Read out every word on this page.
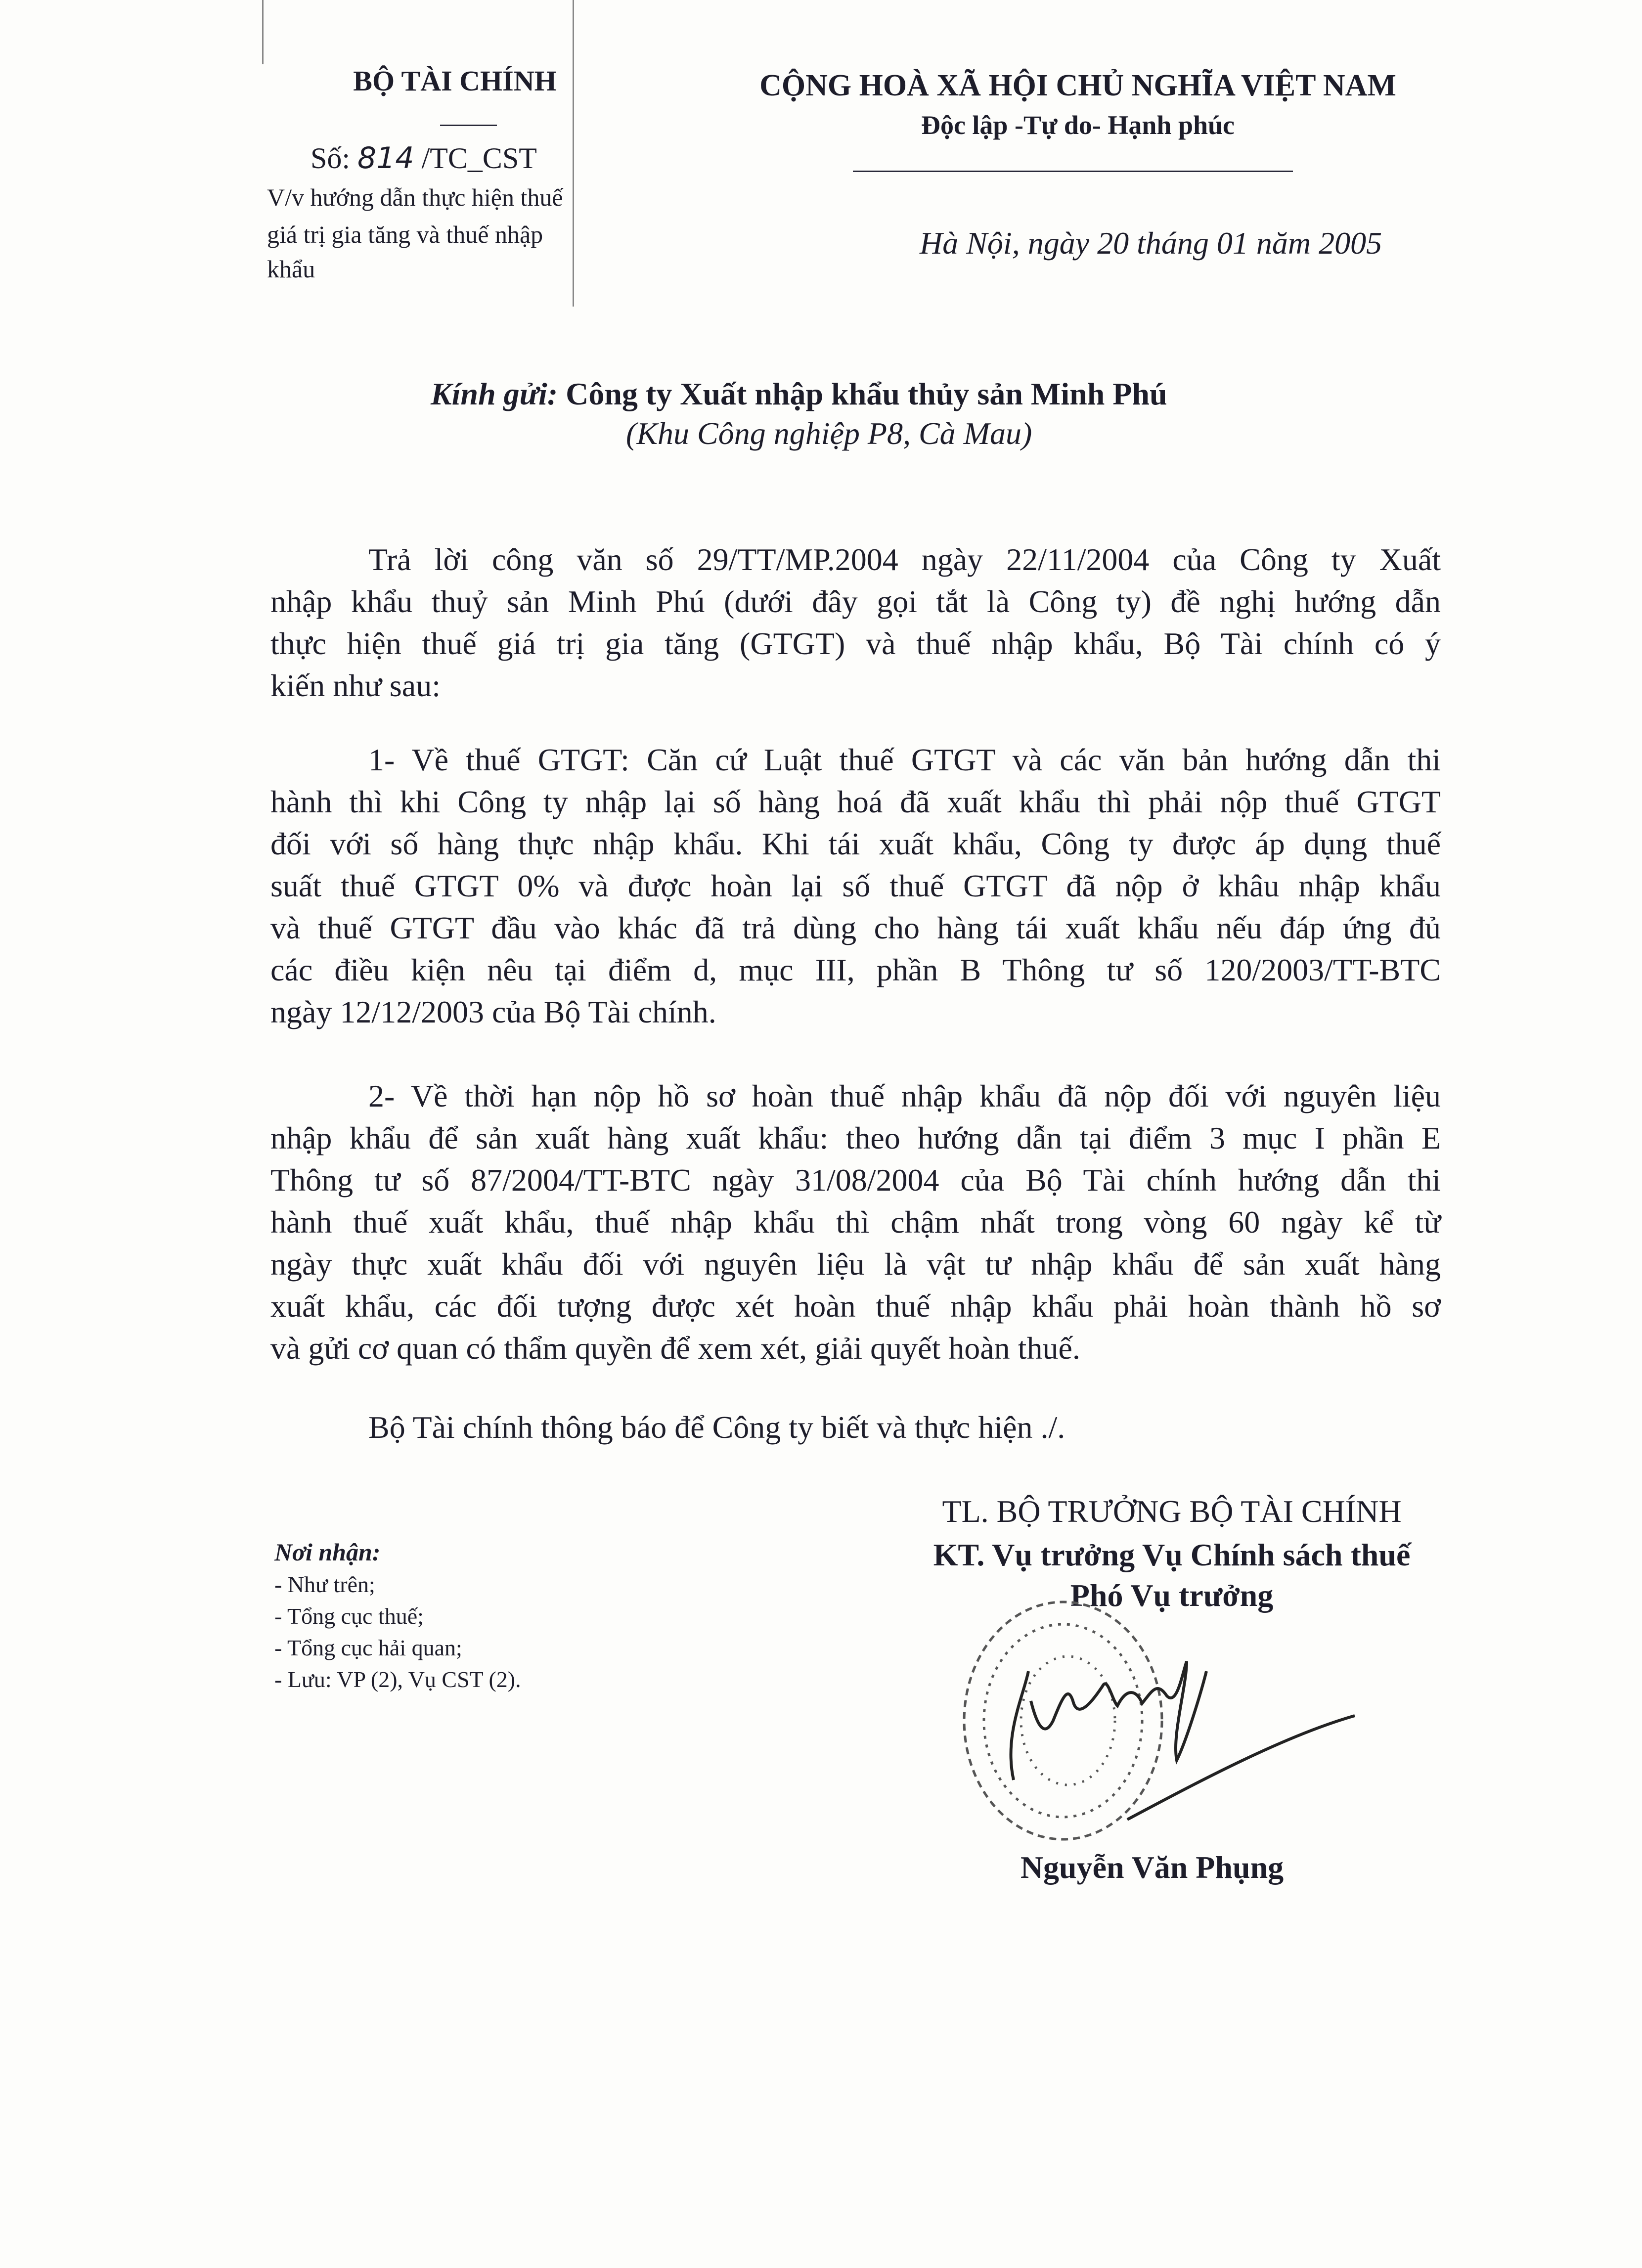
BỘ TÀI CHÍNH
Số: 814 /TC_CST
V/v hướng dẫn thực hiện thuế
giá trị gia tăng và thuế nhập
khẩu
CỘNG HOÀ XÃ HỘI CHỦ NGHĨA VIỆT NAM
Độc lập -Tự do- Hạnh phúc
Hà Nội, ngày 20 tháng 01 năm 2005
Kính gửi: Công ty Xuất nhập khẩu thủy sản Minh Phú
(Khu Công nghiệp P8, Cà Mau)
Trả lời công văn số 29/TT/MP.2004 ngày 22/11/2004 của Công ty Xuất
nhập khẩu thuỷ sản Minh Phú (dưới đây gọi tắt là Công ty) đề nghị hướng dẫn
thực hiện thuế giá trị gia tăng (GTGT) và thuế nhập khẩu, Bộ Tài chính có ý
kiến như sau:
1- Về thuế GTGT: Căn cứ Luật thuế GTGT và các văn bản hướng dẫn thi
hành thì khi Công ty nhập lại số hàng hoá đã xuất khẩu thì phải nộp thuế GTGT
đối với số hàng thực nhập khẩu. Khi tái xuất khẩu, Công ty được áp dụng thuế
suất thuế GTGT 0% và được hoàn lại số thuế GTGT đã nộp ở khâu nhập khẩu
và thuế GTGT đầu vào khác đã trả dùng cho hàng tái xuất khẩu nếu đáp ứng đủ
các điều kiện nêu tại điểm d, mục III, phần B Thông tư số 120/2003/TT-BTC
ngày 12/12/2003 của Bộ Tài chính.
2- Về thời hạn nộp hồ sơ hoàn thuế nhập khẩu đã nộp đối với nguyên liệu
nhập khẩu để sản xuất hàng xuất khẩu: theo hướng dẫn tại điểm 3 mục I phần E
Thông tư số 87/2004/TT-BTC ngày 31/08/2004 của Bộ Tài chính hướng dẫn thi
hành thuế xuất khẩu, thuế nhập khẩu thì chậm nhất trong vòng 60 ngày kể từ
ngày thực xuất khẩu đối với nguyên liệu là vật tư nhập khẩu để sản xuất hàng
xuất khẩu, các đối tượng được xét hoàn thuế nhập khẩu phải hoàn thành hồ sơ
và gửi cơ quan có thẩm quyền để xem xét, giải quyết hoàn thuế.
Bộ Tài chính thông báo để Công ty biết và thực hiện ./.
Nơi nhận:
- Như trên;
- Tổng cục thuế;
- Tổng cục hải quan;
- Lưu: VP (2), Vụ CST (2).
TL. BỘ TRƯỞNG BỘ TÀI CHÍNH
KT. Vụ trưởng Vụ Chính sách thuế
Phó Vụ trưởng
Nguyễn Văn Phụng
